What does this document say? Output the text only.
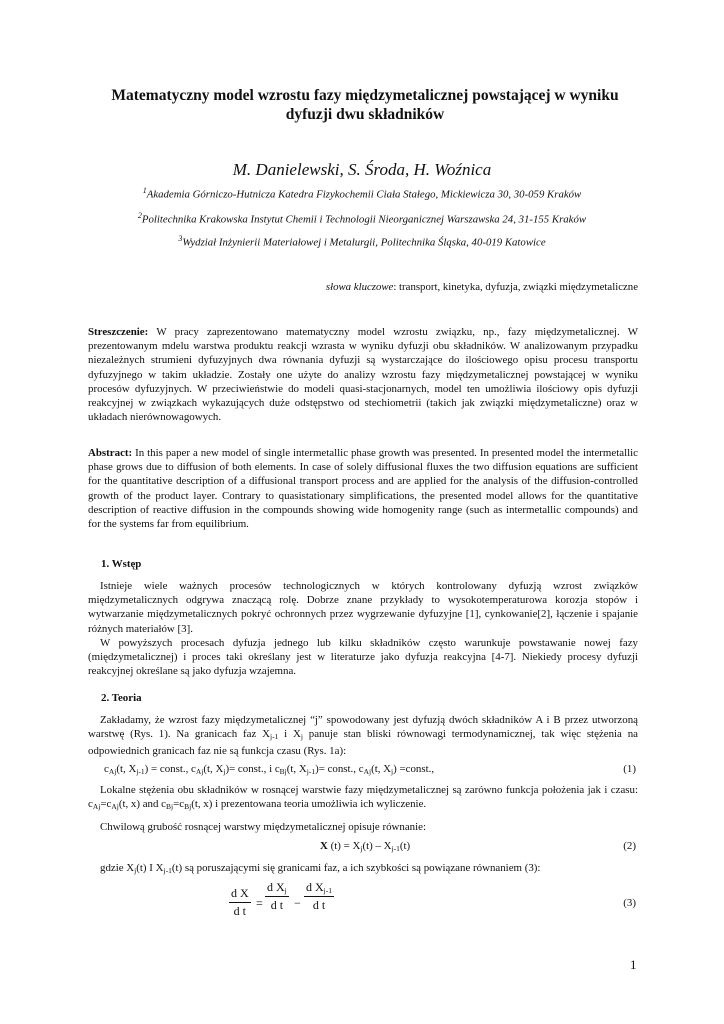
Matematyczny model wzrostu fazy międzymetalicznej powstającej w wyniku dyfuzji dwu składników
M. Danielewski, S. Środa, H. Woźnica
$^1$Akademia Górniczo-Hutnicza Katedra Fizykochemii Ciała Stałego, Mickiewicza 30, 30-059 Kraków
$^2$Politechnika Krakowska Instytut Chemii i Technologii Nieorganicznej Warszawska 24, 31-155 Kraków
$^3$Wydział Inżynierii Materiałowej i Metalurgii, Politechnika Śląska, 40-019 Katowice
słowa kluczowe: transport, kinetyka, dyfuzja, związki międzymetaliczne
Streszczenie: W pracy zaprezentowano matematyczny model wzrostu związku, np., fazy międzymetalicznej. W prezentowanym mdelu warstwa produktu reakcji wzrasta w wyniku dyfuzji obu składników. W analizowanym przypadku niezależnych strumieni dyfuzyjnych dwa równania dyfuzji są wystarczające do ilościowego opisu procesu transportu dyfuzyjnego w takim układzie. Zostały one użyte do analizy wzrostu fazy międzymetalicznej powstającej w wyniku procesów dyfuzyjnych. W przeciwieństwie do modeli quasi-stacjonarnych, model ten umożliwia ilościowy opis dyfuzji reakcyjnej w związkach wykazujących duże odstępstwo od stechiometrii (takich jak związki międzymetaliczne) oraz w układach nierównowagowych.
Abstract: In this paper a new model of single intermetallic phase growth was presented. In presented model the intermetallic phase grows due to diffusion of both elements. In case of solely diffusional fluxes the two diffusion equations are sufficient for the quantitative description of a diffusional transport process and are applied for the analysis of the diffusion-controlled growth of the product layer. Contrary to quasistationary simplifications, the presented model allows for the quantitative description of reactive diffusion in the compounds showing wide homogenity range (such as intermetallic compounds) and for the systems far from equilibrium.
1. Wstęp
Istnieje wiele ważnych procesów technologicznych w których kontrolowany dyfuzją wzrost związków międzymetalicznych odgrywa znaczącą rolę. Dobrze znane przykłady to wysokotemperaturowa korozja stopów i wytwarzanie międzymetalicznych pokryć ochronnych przez wygrzewanie dyfuzyjne [1], cynkowanie[2], łączenie i spajanie różnych materiałów [3].
W powyższych procesach dyfuzja jednego lub kilku składników często warunkuje powstawanie nowej fazy (międzymetalicznej) i proces taki określany jest w literaturze jako dyfuzja reakcyjna [4-7]. Niekiedy procesy dyfuzji reakcyjnej określane są jako dyfuzja wzajemna.
2. Teoria
Zakładamy, że wzrost fazy międzymetalicznej “j” spowodowany jest dyfuzją dwóch składników A i B przez utworzoną warstwę (Rys. 1). Na granicach faz $X_{j-1}$ i $X_j$ panuje stan bliski równowagi termodynamicznej, tak więc stężenia na odpowiednich granicach faz nie są funkcja czasu (Rys. 1a):
$c_{Aj}(t$, $X_{j-1}$) = const., $c_{Aj}(t$, $X_j)=$ const., i $c_{Bj}(t$, $X_{j-1})=$ const., $c_{Aj}(t$, $X_j$) =const.,	(1)
Lokalne stężenia obu składników w rosnącej warstwie fazy międzymetalicznej są zarówno funkcja położenia jak i czasu: $c_{Aj}=c_{Aj}(t$, x) and $c_{Bj}=c_{Bj}(t$, x) i prezentowana teoria umożliwia ich wyliczenie.
Chwilową grubość rosnącej warstwy międzymetalicznej opisuje równanie:
X $(t) = X_j(t) - X_{j-1}(t)$	(2)
gdzie $X_j(t)$ I $X_{j-1}(t)$ są poruszającymi się granicami faz, a ich szybkości są powiązane równaniem (3):
$\frac{\text{d X}}{\text{d t}} = \frac{d X_j}{\text{d t}} - \frac{d X_{j-1}}{\text{d t}}$	(3)
1
